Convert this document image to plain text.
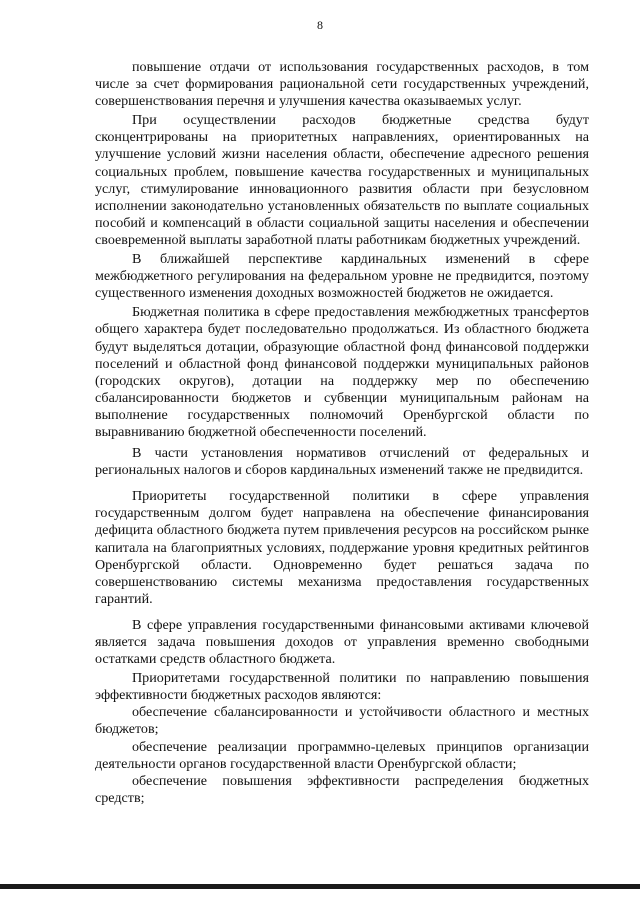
8

повышение отдачи от использования государственных расходов, в том числе за счет формирования рациональной сети государственных учреждений, совершенствования перечня и улучшения качества оказываемых услуг.

При осуществлении расходов бюджетные средства будут сконцентрированы на приоритетных направлениях, ориентированных на улучшение условий жизни населения области, обеспечение адресного решения социальных проблем, повышение качества государственных и муниципальных услуг, стимулирование инновационного развития области при безусловном исполнении законодательно установленных обязательств по выплате социальных пособий и компенсаций в области социальной защиты населения и обеспечении своевременной выплаты заработной платы работникам бюджетных учреждений.

В ближайшей перспективе кардинальных изменений в сфере межбюджетного регулирования на федеральном уровне не предвидится, поэтому существенного изменения доходных возможностей бюджетов не ожидается.

Бюджетная политика в сфере предоставления межбюджетных трансфертов общего характера будет последовательно продолжаться. Из областного бюджета будут выделяться дотации, образующие областной фонд финансовой поддержки поселений и областной фонд финансовой поддержки муниципальных районов (городских округов), дотации на поддержку мер по обеспечению сбалансированности бюджетов и субвенции муниципальным районам на выполнение государственных полномочий Оренбургской области по выравниванию бюджетной обеспеченности поселений.

В части установления нормативов отчислений от федеральных и региональных налогов и сборов кардинальных изменений также не предвидится.

Приоритеты государственной политики в сфере управления государственным долгом будет направлена на обеспечение финансирования дефицита областного бюджета путем привлечения ресурсов на российском рынке капитала на благоприятных условиях, поддержание уровня кредитных рейтингов Оренбургской области. Одновременно будет решаться задача по совершенствованию системы механизма предоставления государственных гарантий.

В сфере управления государственными финансовыми активами ключевой является задача повышения доходов от управления временно свободными остатками средств областного бюджета.

Приоритетами государственной политики по направлению повышения эффективности бюджетных расходов являются:

обеспечение сбалансированности и устойчивости областного и местных бюджетов;

обеспечение реализации программно-целевых принципов организации деятельности органов государственной власти Оренбургской области;

обеспечение повышения эффективности распределения бюджетных средств;
